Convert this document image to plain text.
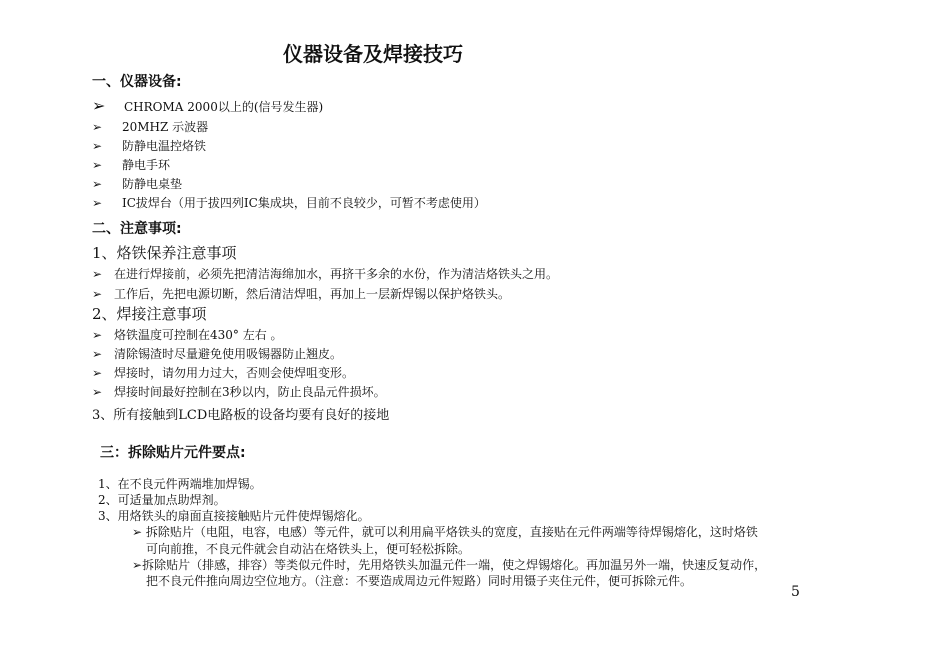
仪器设备及焊接技巧
一、仪器设备:
➢ CHROMA 2000以上的(信号发生器)
➢ 20MHZ 示波器
➢ 防静电温控烙铁
➢ 静电手环
➢ 防静电桌垫
➢ IC拔焊台（用于拔四列IC集成块，目前不良较少，可暂不考虑使用）
二、注意事项:
1、烙铁保养注意事项
➢ 在进行焊接前，必须先把清洁海绵加水，再挤干多余的水份，作为清洁烙铁头之用。
➢ 工作后，先把电源切断，然后清洁焊咀，再加上一层新焊锡以保护烙铁头。
2、焊接注意事项
➢ 烙铁温度可控制在430° 左右 。
➢ 清除锡渣时尽量避免使用吸锡器防止翘皮。
➢ 焊接时，请勿用力过大，否则会使焊咀变形。
➢ 焊接时间最好控制在3秒以内，防止良品元件损坏。
3、所有接触到LCD电路板的设备均要有良好的接地
三：拆除贴片元件要点:
1、在不良元件两端堆加焊锡。
2、可适量加点助焊剂。
3、用烙铁头的扇面直接接触贴片元件使焊锡熔化。
➢ 拆除贴片（电阻，电容，电感）等元件，就可以利用扁平烙铁头的宽度，直接贴在元件两端等待焊锡熔化，这时烙铁
可向前推，不良元件就会自动沾在烙铁头上，便可轻松拆除。
➢拆除贴片（排感，排容）等类似元件时，先用烙铁头加温元件一端，使之焊锡熔化。再加温另外一端，快速反复动作，
把不良元件推向周边空位地方。（注意：不要造成周边元件短路）同时用镊子夹住元件，便可拆除元件。
5
